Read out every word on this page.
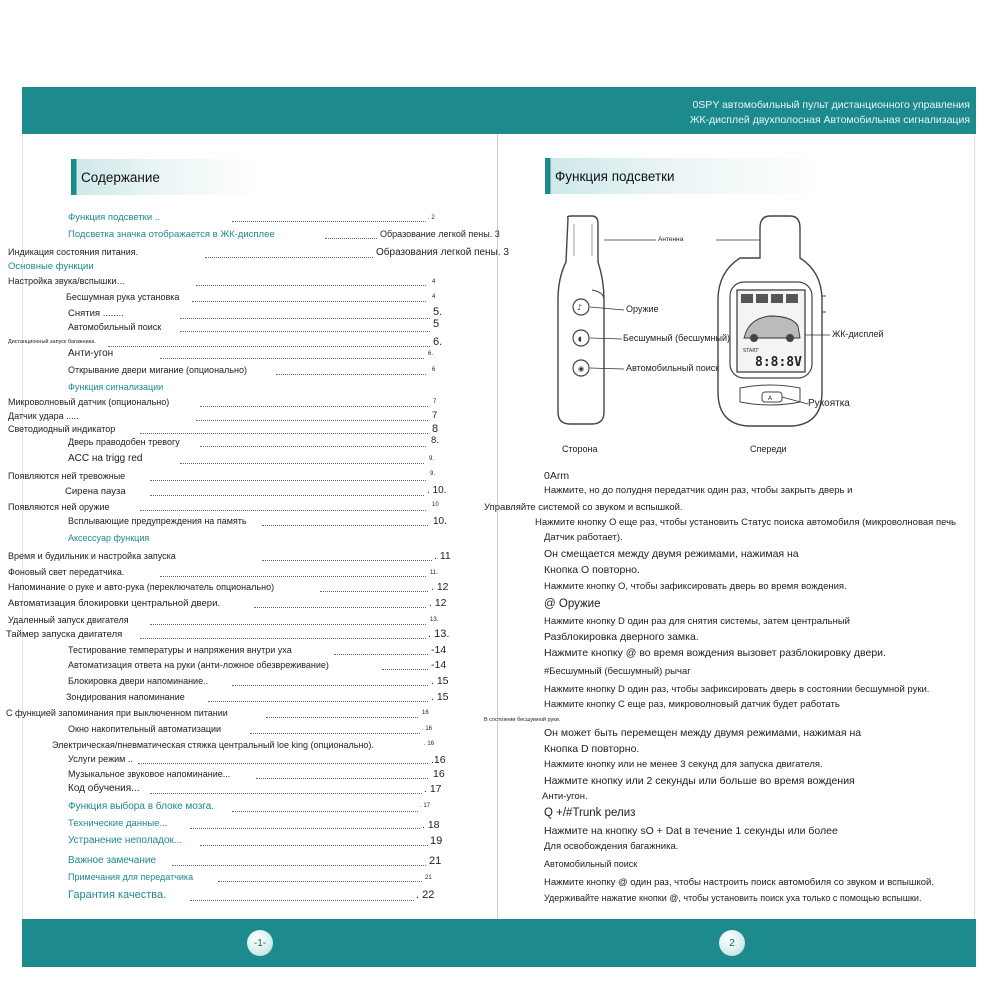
0SPY автомобильный пульт дистанционного управления
ЖК-дисплей двухполосная Автомобильная сигнализация
-1-	2
Содержание
Функция подсветки ..	. 2
Подсветка значка отображается в ЖК-дисплее	Образование легкой пены. 3
Индикация состояния питания.	Образования легкой пены. 3
Основные функции
Настройка звука/вспышки…	4
Бесшумная рука установка	4
Снятия ........	5.
Автомобильный поиск	5
Дистанционный запуск багажника.	6.
Анти-угон	6.
Открывание двери мигание (опционально)	6
Функция сигнализации
Микроволновый датчик (опционально)	7
Датчик удара .....	7
Светодиодный индикатор	8
Дверь праводобен тревогу	8.
ACC на trigg red	9.
Появляются ней тревожные	9.
Сирена пауза	. 10.
Появляются ней оружие	10
Всплывающие предупреждения на память	10.
Аксессуар функция
Время и будильник и настройка запуска	. 11
Фоновый свет передатчика.	11.
Напоминание о руке и авто-рука (переключатель опционально)	. 12
Автоматизация блокировки центральной двери.	. 12
Удаленный запуск двигателя	13.
Таймер запуска двигателя	. 13.
Тестирование температуры и напряжения внутри уха	-14
Автоматизация ответа на руки (анти-ложное обезвреживание)	-14
Блокировка двери напоминание..	. 15
Зондирования напоминание	. 15
С функцией запоминания при выключенном питании	16
Окно накопительный автоматизации	. 16
Электрическая/пневматическая стяжка центральный loe king (опционально).	. 16
Услуги режим ..	.16
Музыкальное звуковое напоминание...	16
Код обучения...	. 17
Функция выбора в блоке мозга.	. 17
Технические данные...	. 18
Устранение неполадок...	19
Важное замечание	21
Примечания для передатчика	21
Гарантия качества.	. 22
Функция подсветки
♪
◖
◉
START
8:8:8V
A
Антенна
Оружие
Бесшумный (бесшумный)
Автомобильный поиск
ЖК-дисплей
Рукоятка
Сторона	Спереди
0Arm
Нажмите, но до полудня передатчик один раз, чтобы закрыть дверь и
Управляйте системой со звуком и вспышкой.
Нажмите кнопку О еще раз, чтобы установить Статус поиска автомобиля (микроволновая печь
Датчик работает).
Он смещается между двумя режимами, нажимая на
Кнопка О повторно.
Нажмите кнопку О, чтобы зафиксировать дверь во время вождения.
@ Оружие
Нажмите кнопку D один раз для снятия системы, затем центральный
Разблокировка дверного замка.
Нажмите кнопку @ во время вождения вызовет разблокировку двери.
#Бесшумный (бесшумный) рычаг
Нажмите кнопку D один раз, чтобы зафиксировать дверь в состоянии бесшумной руки.
Нажмите кнопку С еще раз, микроволновый датчик будет работать
В состоянии бесшумной руки.
Он может быть перемещен между двумя режимами, нажимая на
Кнопка D повторно.
Нажмите кнопку или не менее 3 секунд для запуска двигателя.
Нажмите кнопку или 2 секунды или больше во время вождения
Анти-угон.
Q +/#Trunk релиз
Нажмите на кнопку sO + Dat в течение 1 секунды или более
Для освобождения багажника.
Автомобильный поиск
Нажмите кнопку @ один раз, чтобы настроить поиск автомобиля со звуком и вспышкой.
Удерживайте нажатие кнопки @, чтобы установить поиск уха только с помощью вспышки.
